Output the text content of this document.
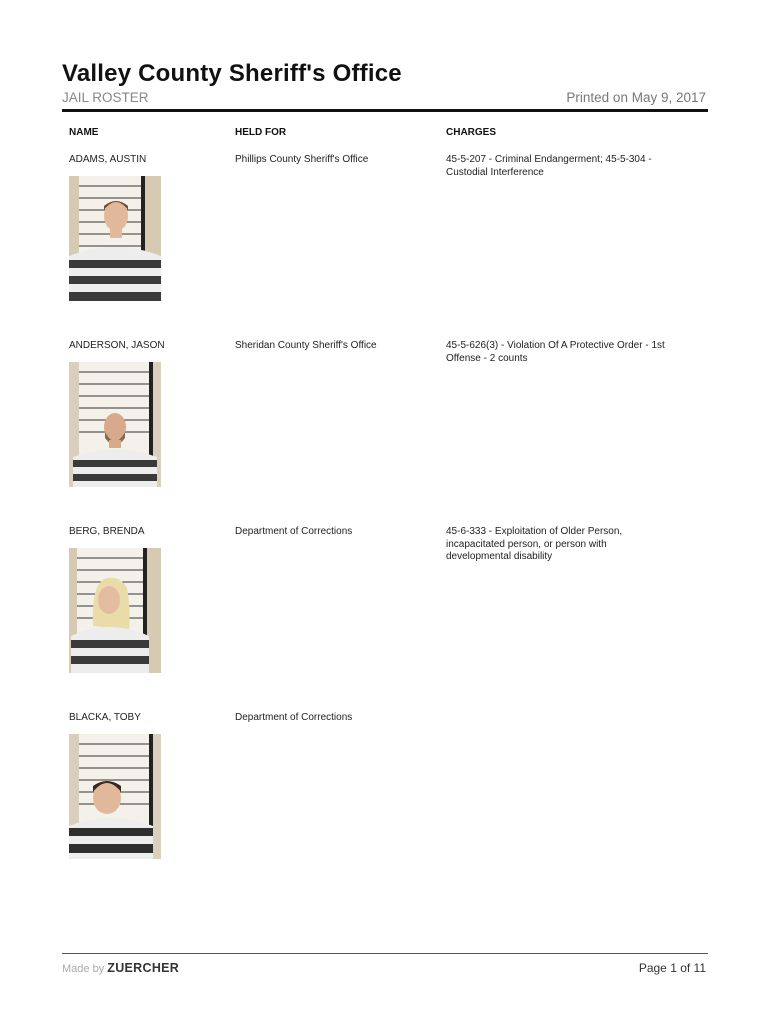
Valley County Sheriff's Office
JAIL ROSTER	Printed on May 9, 2017
NAME	HELD FOR	CHARGES
ADAMS, AUSTIN	Phillips County Sheriff's Office	45-5-207 - Criminal Endangerment; 45-5-304 - Custodial Interference
ANDERSON, JASON	Sheridan County Sheriff's Office	45-5-626(3) - Violation Of A Protective Order - 1st Offense - 2 counts
BERG, BRENDA	Department of Corrections	45-6-333 - Exploitation of Older Person, incapacitated person, or person with developmental disability
BLACKA, TOBY	Department of Corrections
Made by ZUERCHER	Page 1 of 11
